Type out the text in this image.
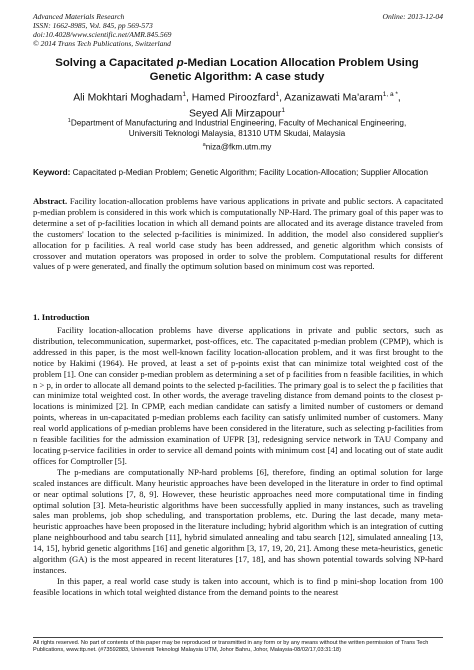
Advanced Materials Research
ISSN: 1662-8985, Vol. 845, pp 569-573
doi:10.4028/www.scientific.net/AMR.845.569
© 2014 Trans Tech Publications, Switzerland
Online: 2013-12-04
Solving a Capacitated p-Median Location Allocation Problem Using
Genetic Algorithm: A case study
Ali Mokhtari Moghadam$^1$, Hamed Piroozfard$^1$, Azanizawati Ma'aram$^{1, a *}$,
Seyed Ali Mirzapour$^1$
$^1$Department of Manufacturing and Industrial Engineering, Faculty of Mechanical Engineering,
Universiti Teknologi Malaysia, 81310 UTM Skudai, Malaysia
$^a$niza@fkm.utm.my
Keyword: Capacitated p-Median Problem; Genetic Algorithm; Facility Location-Allocation; Supplier Allocation
Abstract. Facility location-allocation problems have various applications in private and public sectors. A capacitated p-median problem is considered in this work which is computationally NP-Hard. The primary goal of this paper was to determine a set of p-facilities location in which all demand points are allocated and its average distance traveled from the customers' location to the selected p-facilities is minimized. In addition, the model also considered supplier's allocation for p facilities. A real world case study has been addressed, and genetic algorithm which consists of crossover and mutation operators was proposed in order to solve the problem. Computational results for different values of p were generated, and finally the optimum solution based on minimum cost was reported.
1. Introduction

Facility location-allocation problems have diverse applications in private and public sectors, such as distribution, telecommunication, supermarket, post-offices, etc. The capacitated p-median problem (CPMP), which is addressed in this paper, is the most well-known facility location-allocation problem, and it was first brought to the notice by Hakimi (1964). He proved, at least a set of p-points exist that can minimize total weighted cost of the problem [1]. One can consider p-median problem as determining a set of p facilities from n feasible facilities, in which n > p, in order to allocate all demand points to the selected p-facilities. The primary goal is to select the p facilities that can minimize total weighted cost. In other words, the average traveling distance from demand points to the closest p-locations is minimized [2]. In CPMP, each median candidate can satisfy a limited number of customers or demand points, whereas in un-capacitated p-median problems each facility can satisfy unlimited number of customers. Many real world applications of p-median problems have been considered in the literature, such as selecting p-facilities from n feasible facilities for the admission examination of UFPR [3], redesigning service network in TAU Company and locating p-service facilities in order to service all demand points with minimum cost [4] and locating out of state audit offices for Comptroller [5].

The p-medians are computationally NP-hard problems [6], therefore, finding an optimal solution for large scaled instances are difficult. Many heuristic approaches have been developed in the literature in order to find optimal or near optimal solutions [7, 8, 9]. However, these heuristic approaches need more computational time in finding optimal solution [3]. Meta-heuristic algorithms have been successfully applied in many instances, such as traveling sales man problems, job shop scheduling, and transportation problems, etc. During the last decade, many meta-heuristic approaches have been proposed in the literature including; hybrid algorithm which is an integration of cutting plane neighbourhood and tabu search [11], hybrid simulated annealing and tabu search [12], simulated annealing [13, 14, 15], hybrid genetic algorithms [16] and genetic algorithm [3, 17, 19, 20, 21]. Among these meta-heuristics, genetic algorithm (GA) is the most appeared in recent literatures [17, 18], and has shown potential towards solving NP-hard instances.

In this paper, a real world case study is taken into account, which is to find p mini-shop location from 100 feasible locations in which total weighted distance from the demand points to the nearest

All rights reserved. No part of contents of this paper may be reproduced or transmitted in any form or by any means without the written permission of Trans Tech Publications, www.ttp.net. (#73592883, Universiti Teknologi Malaysia UTM, Johor Bahru, Johor, Malaysia-08/02/17,03:31:18)
